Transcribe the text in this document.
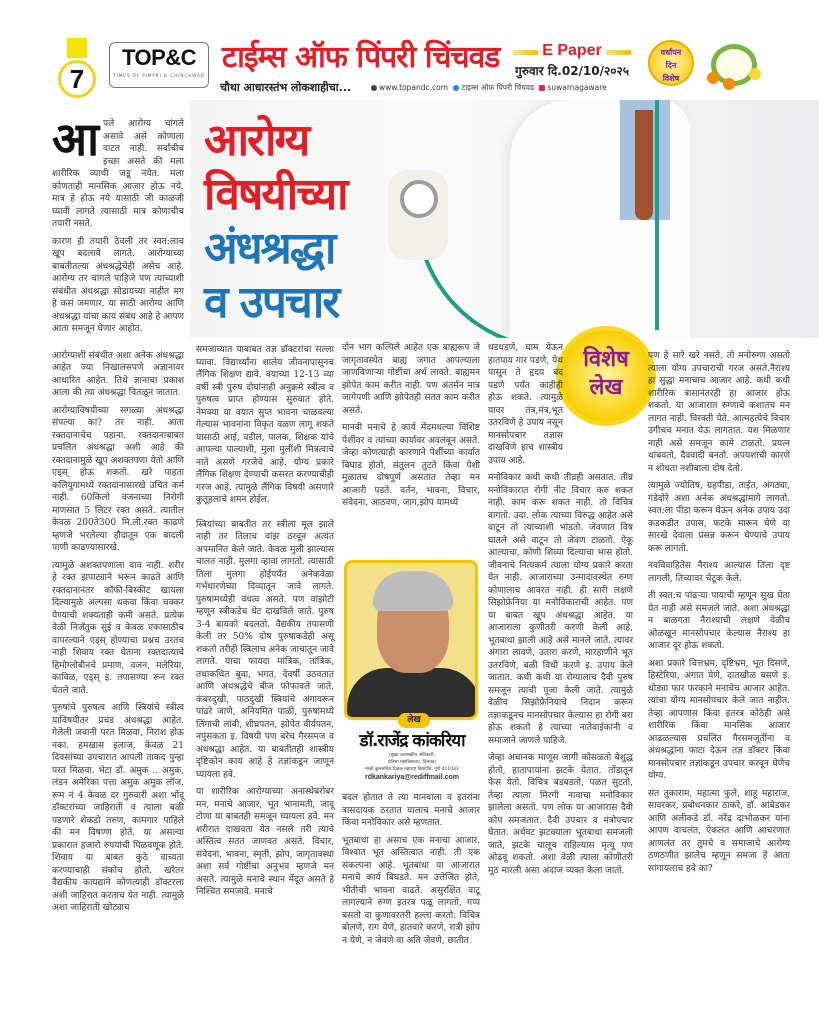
7
TOP&C
TIMES OF PIMPRI & CHINCHWAD
टाईम्स ऑफ पिंपरी चिंचवड
चौथा आधारस्तंभ लोकशाहीचा...	www.topandc.com टाइम्स ऑफ पिंपरी चिंचवड suwarnagaware
E Paper
गुरुवार दि.02/10/२०२५
वर्धापन
दिन
विशेष
आरोग्य
विषयीच्या
अंधश्रद्धा
व उपचार

आपले आरोग्य चांगले असावे असे कोणाला वाटत नाही. सर्वांचीच इच्छा असते की मला शारीरिक व्याधी जडू नयेत. मला कोणताही मानसिक आजार होऊ नये. मात्र हे होऊ नये यासाठी जी काळजी घ्यावी लागते त्यासाठी मात्र कोणाचीच तयारी नसते.

कारण ही तयारी ठेवली तर स्वत:लाच खूप बदलावे लागते. आरोग्याच्या बाबतीतल्या अंधश्रद्धेचेही असेच आहे. आरोग्य तर चांगले पाहिजे पण त्याच्याशी संबंधीत अंधश्रद्धा सोडायच्या नाहीत मग हे कसं जमणार. या साठी आरोग्य आणि अंधश्रद्धा यांचा काय संबंध आहे हे आपण आता समजून घेणार आहोत.

आरोग्याशी संबंधीत अशा अनेक अंधश्रद्धा आहेत ज्या निखालसपणे अज्ञानावर आधारित आहेत. तिथे ज्ञानाचा प्रकाश आला की त्या अंधश्रद्धा वितळून जातात.

आरोग्याविषयीच्या सगळ्या अंधश्रद्धा संपल्या का? तर नाही. आता रक्तदानाचेच पहाना. रक्तदानाबाबत प्रचलित अंधश्रद्धा अशी आहे की रक्तदानामुळे खूप अशक्तपणा येतो आणि एड्स् होऊ शकतो. खरे पाहता कलियुगामध्ये रक्तदानासारखे उचित कर्म नाही. 60किलो वजनाच्या निरोगी माणसात 5 लिटर रक्त असते. त्यातील केवळ 200ते300 मि.ली.रक्त काढणे म्हणजे भरलेल्या हौदातून एक बादली पाणी काढण्यासारखे.

त्यामुळे अशक्तपणाला वाव नाही. शरीर हे रक्त झपाट्याने भरून काढते आणि रक्तदानानंतर कॉफी-बिस्कीट खायला दिल्यामुळे अल्पसा थकवा किंवा चक्कर येण्याची शक्यताही कमी असते. प्रत्येक वेळी निर्जंतुक सुई व केवळ एकासाठीच वापरल्याने एड्स् होण्याचा प्रश्नच उरतच नाही शिवाय रक्त घेताना रक्तदात्याचे हिमोग्लोबीनचे प्रमाण, वजन, मलेरिया, काविळ, एड्स् इ. तपासण्या रून रक्त घेतले जाते.

पुरुषांचे पुरुषत्व आणि स्त्रियांचे स्त्रीत्व याविषयीतर प्रचंड अंधश्रद्धा आहेत. गेलेली जवानी परत मिळवा, निराश होऊ नका. हमखास इलाज, केवळ 21 दिवसांच्या उपचारात आपली ताकद पुन्हा परत मिळवा. भेटा डॉ. अमुक .. अमुक, लंडन अमेरिका पत्ता अमुक अमुक लॉज, रूम नं 4 केवळ दर गुरुवारी अशा भोंदू डॉक्टरांच्या जाहिराती व त्याला बळी पडणारे शेकडो तरुण, कामगार पाहिले की मन विषण्ण होते. या असल्या प्रकारात हजारो रुपयांची पिळवणूक होते. शिवाय या बाबत कुठे वाच्यता करण्याचाही संकोच होतो. खरेतर वैद्यकीय कायद्याने कोणत्याही डॉक्टरला अशी जाहिरात करताच येत नाही. त्यामुळे अशा जाहिराती खोट्याच

समजाव्यात याबाबत तज्ञ डॉक्टरांचा सल्ला घ्यावा. विद्यार्थ्यांना शालेय जीवनापासूनच लैंगिक शिक्षण द्यावे. वयाच्या 12-13 व्या वर्षी स्त्री पुरुष दोघांनाही अनुक्रमे स्त्रीत्व व पुरुषत्व प्राप्त होण्यास सुरुवात होते. नेमक्या या वयात सुप्त भावना चाळवल्या गेल्यास भावनांना विकृत वळण लागू शकते यासाठी आई, वडील, पालक, शिक्षक यांचे आपल्या पाल्याशी, मुला मुलींशी मित्रत्वाचे नाते असणे गरजेचे आहे. योग्य प्रकारे लैंगिक शिक्षण देण्याची कसरत करण्याचीही गरज आहे. त्यामुळे लैंगिक विषयी असणारे कुतूहलाचे शमन होईल.

स्त्रियांच्या बाबतीत तर स्त्रीला मूल झाले नाही तर तिलाच वांझ ठरवून अत्यंत अपमानित केले जाते. केवळ मुली झाल्यास चालत नाही. मुलगा व्हावा लागतो. त्यासाठी तिला मुलगा होईपर्यंत अनेकवेळा गर्भधारणेच्या दिव्यातून जावे लागते. पुरुषांमध्येही वंधत्व असते. पण वांझोटी म्हणून स्त्रीकडेच थेट दाखविले जाते. पुरुष 3-4 बायको बदलतो. वैद्यकीय तपासणी केली तर 50% दोष पुरुषाकडेही असू शकतो तरीही स्त्रिलाच अनेक जाचातून जावे लागते. याचा फायदा मांत्रिक, तांत्रिक, तथाकथित बुवा, भगत, देवर्षी उठवतात आणि अंधश्रद्धेचे बीज फोफावले जाते. कंबरदुखी, पाठदुखी स्त्रियांचे अंगावरून पांढरे जाणे, अनियमित पाळी, पुरुषांमध्ये लिंगाची लांबी, शीघ्रपतन, झोपेत वीर्यपतन, नपुंसकता इ. विषयी पण बरेच गैरसमज व अंधश्रद्धा आहेत. या बाबतीतही शास्त्रीय दृष्टिकोन काय आहे हे तज्ञांकडून जाणून घ्यायला हवे.

या शारीरिक आरोग्याच्या अनास्थेबरोबर मन, मनाचे आजार, भूत भानामती, जादू टोणा या बाबतही समजून घ्यायला हवे. मन शरीरात दाखवता येत नसले तरी त्याचे अस्तित्व सतत जाणवत असते. विचार, संवेदना, भावना, स्मृती, झोप, जागृतावस्था अशा सर्व गोष्टींचा अनुभव म्हणजे मन असते. त्यामुळे मनाचे स्थान मेंदूत असते हे निश्चित समजावे. मनाचे

दोन भाग कल्पिले आहेत एक बाह्यरूप जे जागृतावस्थेत बाह्य जगात आपल्याला जाणविणाऱ्या गोष्टींचा अर्थ लावते. बाह्यमन झोपेत काम करीत नाही. पण अंतर्मन मात्र जागेपणी आणि झोपेतही सतत काम करीत असते.

मानवी मनाचे हे कार्य मेंदमधल्या विशिष्ट पेशींवर व त्यांच्या कार्यावर अवलंबून असते. जेव्हा कोणत्याही कारणाने पेशींच्या कार्यात बिघाड होतो, संतुलन तुटते किंवा पेशी मुळातच दोषपूर्ण असतात तेव्हा मन आजारी पडते. वर्तन, भावना, विचार, संवेदना, आठवण, जाग,झोप यामध्ये

लेख
डॉ.राजेंद्र कांकरिया
(मुख्य प्रशासकीय अधिकारी,
प्रतिभा महाविद्यालय, चिंचवड)
माजी कुलसचिव टिळक महाराष्ट्र विद्यापीठ, पुणे 411033
rdkankariya@rediffmail.com

बदल होतात ते त्या मानवाला व इतरांना त्रासदायक ठरतात यालाच मनाचे आजार किंवा मनोविकार असे म्हणतात.

भूतबाधा हा असाच एक मनाचा आजार. विश्वात भूत अस्तित्वात नाही. ती एक संकल्पना आहे. भूतबाधा या आजारात मनाचे कार्य बिघडते. मन उत्तेजित होते, भीतीची भावना वाढते. असुरक्षित वाटू लागल्याने रुग्ण इतरत्र पळू लागतो, गप्प बसतो वा कुणावरतरी हल्ला करतो. विचित्र बोलणे, राग येणे, हातवारे करणे, रात्री झोप न येणे, न जेवणे वा अति जेवणे, छातीत

विशेष
लेख

धडधडणे, घाम येऊन हातपाय गार पडणे, येथ पासून ते हृदय बंद पडणे पर्यंत काहीही होऊ शकते. त्यामुळे यावर तंत्र,मंत्र,भूत उतरविणे हे उपाय नसून मानसोपचार तज्ञास दाखविणे हाच शास्त्रीय उपाय आहे.

मनोविकार कधी कधी तीव्रही असतात. तीव्र मनोविकारात रोगी नीट विचार करु शकत नाही. काम करू शकत नाही. तो विचित्र वागतो. उदा. लोक त्याच्या विरुद्ध आहेत असे वाटून तो त्यांच्याशी भांडतो. जेवणात विष घातले असे वाटून तो जेवण टाळतो. ऐकू आल्याचा, कोणी शिव्या दिल्याचा भास होतो. जीवनाचे नित्यकर्म त्याला योग्य प्रकारे करता येत नाही. आजाराच्या उन्मादावस्थेत रुग्ण कोणालाच आवरत नाही. ही सारी लक्षणे सिझोफ्रेनिया या मनोविकाराची आहेत. पण या बाबत खूप अंधश्रद्धा आहेत. या आजाराला कुणीतरी करणी केली आहे, भूतबाधा झाली आहे असे मानले जाते. त्यावर अंगारा लावणे, उतारा करणे, मारहाणीने भूत उतरविणे, बळी विधी करणे इ. उपाय केले जातात. कधी कधी या रोग्यालाच दैवी पुरुष समजून त्याची पूजा केली जाते. त्यामुळे वेळीच सिझोफ्रेनियाचे निदान करून तज्ञाकडूनच मानसोपचार केल्यास हा रोगी बरा होऊ शकतो हे त्याच्या नातेवाईकांनी व समाजाने जाणले पाहिजे.

जेव्हा अचानक माणूस जागी कोसळतो बेशुद्ध होतो, हातापायांना झटके येतात. तोंडातून फेस येतो. विचित्र बडबडतो, पळत सुटतो, तेव्हा त्याला मिरगी नावाचा मनोविकार झालेला असतो. पण लोक या आजारास दैवी कोप समजतात. दैवी उपचार व मंत्रोपचार घेतात. अर्धवट झटक्याला भूतबाधा समजली जाते, झटके चालूच राहिल्यास मृत्यू पण ओढवू शकतो. अशा वेळी त्याला कोणीतरी मूठ मारली असा अंदाज व्यक्त केला जातो.

पण हे सारे खरे नसते. तो मनोरुग्ण असतो त्याला योग्य उपचाराची गरज असते.नैराश्य हा सुद्धा मनाचाच आजार आहे. कधी कधी शारीरिक त्रासानंतरही हा आजार होऊ शकतो. या आजारात रुग्णाचे कशातच मन लागत नाही. विरक्ती येते. आत्महत्येचे विचार उगीचच मनात येऊ लागतात. यश मिळणार नाही असे समजून कामे टाळतो. प्रयत्न थांबवतो, दैववादी बनतो. अपयशाची कारणे न शोधता नशीबाला दोष देतो.

त्यामुळे ज्योतिष, ग्रहपीडा, ताईत, अंगठ्या, गंडेदोरे अशा अनेक अंधश्रद्धांमागे लागतो. स्वत:ला पीडा करून घेऊन अनेक उपाय उदा कडकडीत उपास, फटके मारून घेणे या सारखे देवाला प्रसन्न करून घेण्याचे उपाय करू लागतो.

नवविवाहितेस नैराश्य आल्यास तिला दृष्ट लागली, तिच्यावर चेटूक केले.

ती स्वत:च पांढऱ्या पायाची म्हणून सुख घेता येत नाही असे समजले जाते. अशा अंधश्रद्धा न बाळगता नैराश्याची लक्षणे वेळीच ओळखून मानसोपचार केल्यास नैराश्य हा आजार दूर होऊ शकतो.

अशा प्रकारे चित्तभ्रम, दृष्टिभ्रम, भूत दिसणे, हिस्टेरिया, अंगात येणे, दातखीळ बसणे इ. थोड्या फार फरकाने मनाचेच आजार आहेत. त्यांचा योग्य मानसोपचार केले जात नाहीत. तेव्हा आपणास किंवा इतरत्र कोठेही असे शारीरिक किंवा मानसिक आजार आढळल्यास प्रचलित गैरसमजूतींना व अंधश्रद्धांना फाटा देऊन तज्ञ डॉक्टर किंवा मानसोपचार तज्ञांकडून उपचार करवून घेणेच योग्य.

संत तुकाराम, महात्मा फुले, शाहू महाराज, सावरकर, प्रबोधनकार ठाकरे, डॉ. आंबेडकर आणि अलीकडे डॉ. नरेंद्र दाभोळकर यांना आपण वाचलंत, ऐकलंत आणि आचरणात आणलंत तर तुमचे व समाजाचे आरोग्य ठणठणीत झालेच म्हणून समजा हे आता सांगायलाच हवे का?
